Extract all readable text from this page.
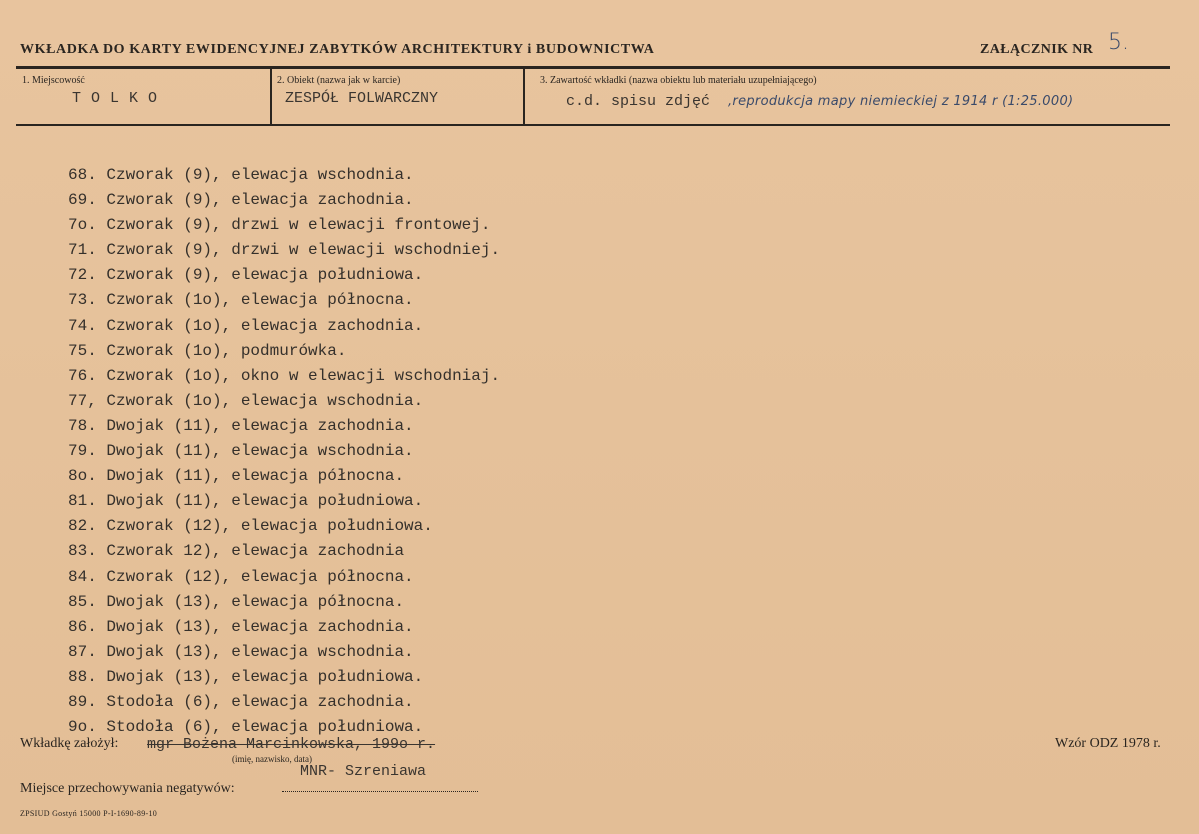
WKŁADKA DO KARTY EWIDENCYJNEJ ZABYTKÓW ARCHITEKTURY i BUDOWNICTWA	ZAŁĄCZNIK NR 5.
1. Miejscowość
TOLKO
2. Obiekt (nazwa jak w karcie)
ZESPÓŁ FOLWARCZNY
3. Zawartość wkładki (nazwa obiektu lub materiału uzupełniającego)
c.d. spisu zdjęć ,reprodukcja mapy niemieckiej z 1914 r (1:25.000)
68. Czworak (9), elewacja wschodnia.
69. Czworak (9), elewacja zachodnia.
7o. Czworak (9), drzwi w elewacji frontowej.
71. Czworak (9), drzwi w elewacji wschodniej.
72. Czworak (9), elewacja południowa.
73. Czworak (1o), elewacja północna.
74. Czworak (1o), elewacja zachodnia.
75. Czworak (1o), podmurówka.
76. Czworak (1o), okno w elewacji wschodniaj.
77, Czworak (1o), elewacja wschodnia.
78. Dwojak (11), elewacja zachodnia.
79. Dwojak (11), elewacja wschodnia.
8o. Dwojak (11), elewacja północna.
81. Dwojak (11), elewacja południowa.
82. Czworak (12), elewacja południowa.
83. Czworak 12), elewacja zachodnia
84. Czworak (12), elewacja północna.
85. Dwojak (13), elewacja północna.
86. Dwojak (13), elewacja zachodnia.
87. Dwojak (13), elewacja wschodnia.
88. Dwojak (13), elewacja południowa.
89. Stodoła (6), elewacja zachodnia.
9o. Stodoła (6), elewacja południowa.
Wkładkę założył: mgr Bożena Marcinkowska, 199o r.
(imię, nazwisko, data)
MNR- Szreniawa
Miejsce przechowywania negatywów:
Wzór ODZ 1978 r.
ZPSIUD Gostyń 15000 P-I-1690-89-10
